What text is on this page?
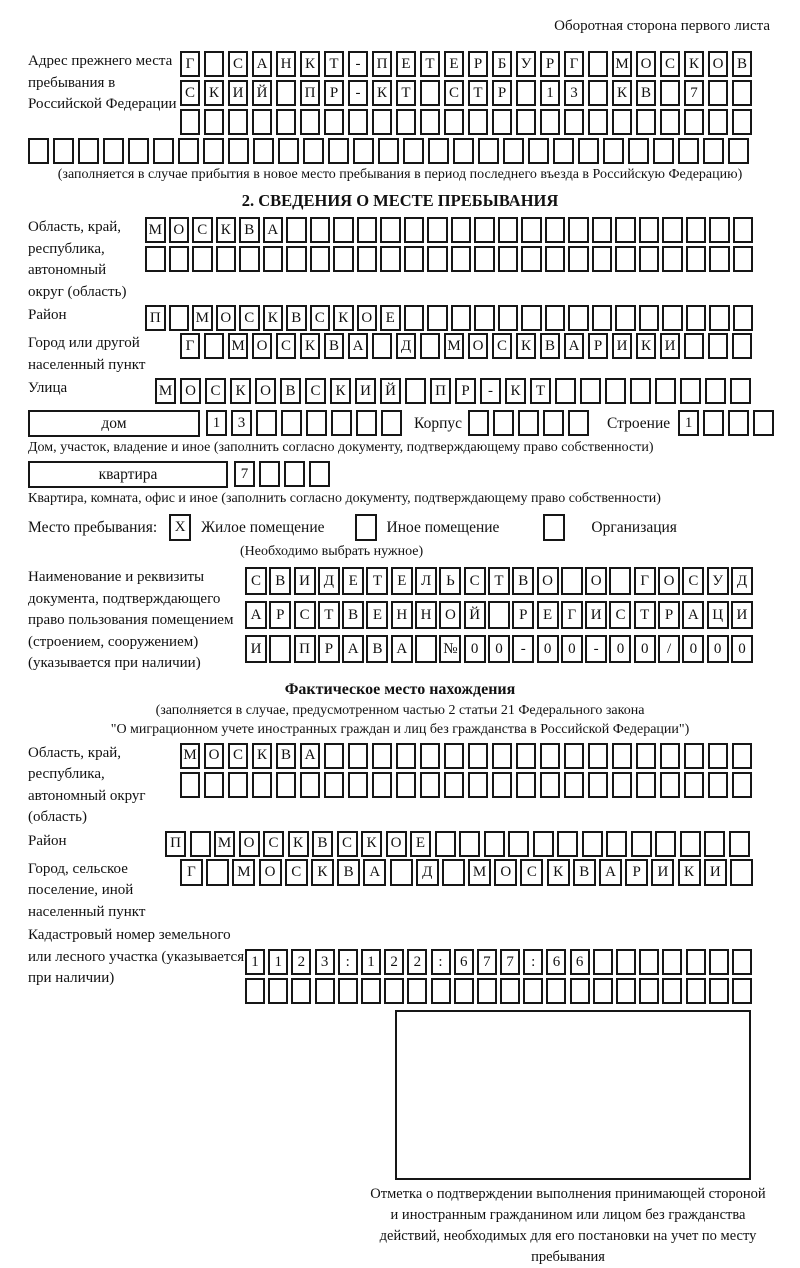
Оборотная сторона первого листа
Адрес прежнего места пребывания в Российской Федерации
Г	С А Н К Т	-	П Е Т Е	Р	Б У Р	Г	М О С К О В
С К И Й	П Р	-	К Т	С Т	Р	1	3	К В	7
(заполняется в случае прибытия в новое место пребывания в период последнего въезда в Российскую Федерацию)
2. СВЕДЕНИЯ О МЕСТЕ ПРЕБЫВАНИЯ
Область, край, республика, автономный округ (область)
М О С К В А
Район	П	М О С К В С К О Е
Город или другой населенный пункт
Г	М О С К В А	Д	М О С К В А Р И К И
Улица	М О С К О В С К И Й	П	Р	-	К	Т
дом	1	3	Корпус	Строение 1
Дом, участок, владение и иное (заполнить согласно документу, подтверждающему право собственности)
квартира	7
Квартира, комната, офис и иное (заполнить согласно документу, подтверждающему право собственности)
Место пребывания:	X	Жилое помещение	Иное помещение	Организация
(Необходимо выбрать нужное)
Наименование и реквизиты документа, подтверждающего право пользования помещением (строением, сооружением) (указывается при наличии)
С В И Д Е	Т	Е Л Ь С Т В О	О	Г О С У Д
А Р	С Т В Е Н Н О Й	Р	Е	Г И С Т	Р А Ц И
И	П Р А В А	№ 0	0	-	0	0	-	0	0	/	0	0	0
Фактическое место нахождения
(заполняется в случае, предусмотренном частью 2 статьи 21 Федерального закона
"О миграционном учете иностранных граждан и лиц без гражданства в Российской Федерации")
Область, край, республика, автономный округ (область)
М О С К В А
Район	П	М О С К В С К О Е
Город, сельское поселение, иной населенный пункт
Г	М О	С	К	В	А	Д	М О	С	К	В	А	Р	И	К	И
Кадастровый номер земельного или лесного участка (указывается при наличии)
1	1	2	3	:	1	2	2	:	6	7	7	:	6	6
Отметка о подтверждении выполнения принимающей стороной и иностранным гражданином или лицом без гражданства действий, необходимых для его постановки на учет по месту пребывания
